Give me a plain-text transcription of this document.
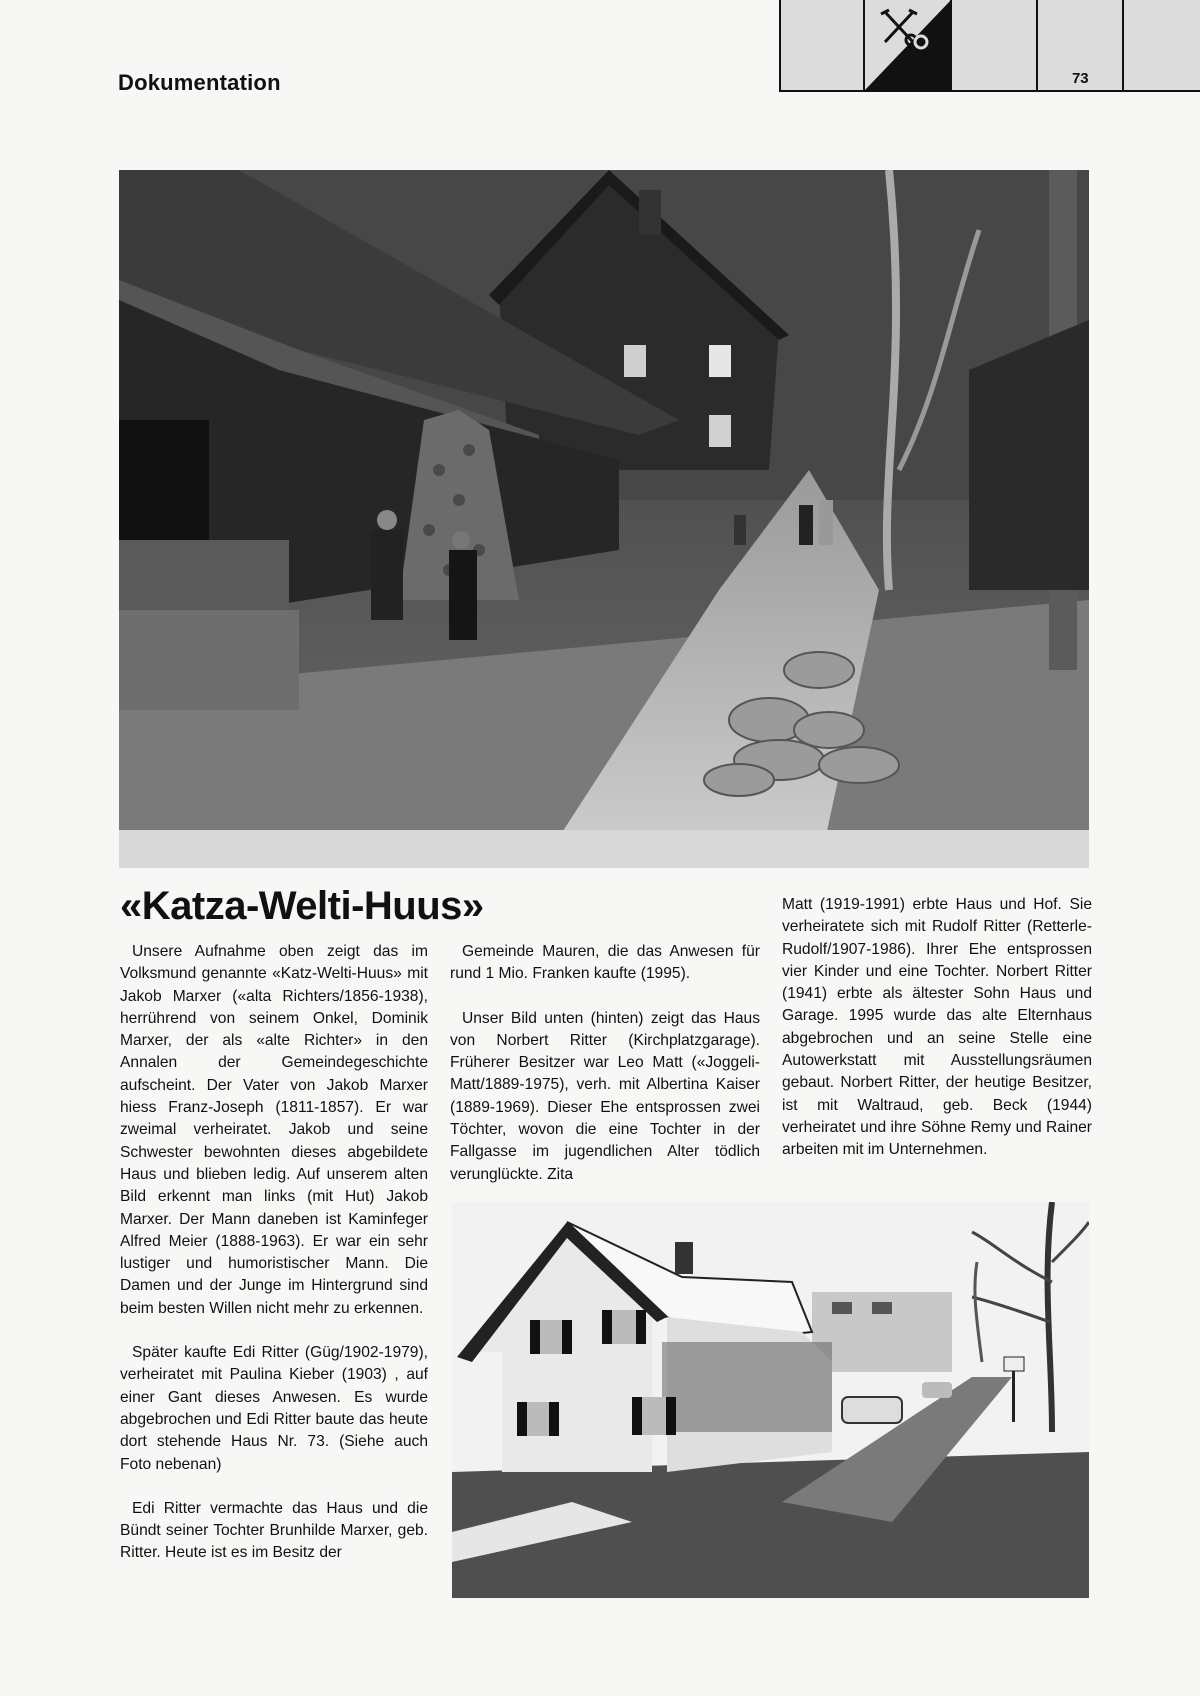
Dokumentation	73
«Katza-Welti-Huus»

Unsere Aufnahme oben zeigt das im Volksmund genannte «Katz-Welti-Huus» mit Jakob Marxer («alta Richters/1856-1938), herrührend von seinem Onkel, Dominik Marxer, der als «alte Richter» in den Annalen der Gemeindegeschichte aufscheint. Der Vater von Jakob Marxer hiess Franz-Joseph (1811-1857). Er war zweimal verheiratet. Jakob und seine Schwester bewohnten dieses abgebildete Haus und blieben ledig. Auf unserem alten Bild erkennt man links (mit Hut) Jakob Marxer. Der Mann daneben ist Kaminfeger Alfred Meier (1888-1963). Er war ein sehr lustiger und humoristischer Mann. Die Damen und der Junge im Hintergrund sind beim besten Willen nicht mehr zu erkennen.

Später kaufte Edi Ritter (Güg/1902-1979), verheiratet mit Paulina Kieber (1903) , auf einer Gant dieses Anwesen. Es wurde abgebrochen und Edi Ritter baute das heute dort stehende Haus Nr. 73. (Siehe auch Foto nebenan)

Edi Ritter vermachte das Haus und die Bündt seiner Tochter Brunhilde Marxer, geb. Ritter. Heute ist es im Besitz der

Gemeinde Mauren, die das Anwesen für rund 1 Mio. Franken kaufte (1995).

Unser Bild unten (hinten) zeigt das Haus von Norbert Ritter (Kirchplatzgarage). Früherer Besitzer war Leo Matt («Joggeli-Matt/1889-1975), verh. mit Albertina Kaiser (1889-1969). Dieser Ehe entsprossen zwei Töchter, wovon die eine Tochter in der Fallgasse im jugendlichen Alter tödlich verunglückte. Zita

Matt (1919-1991) erbte Haus und Hof. Sie verheiratete sich mit Rudolf Ritter (Retterle-Rudolf/1907-1986). Ihrer Ehe entsprossen vier Kinder und eine Tochter. Norbert Ritter (1941) erbte als ältester Sohn Haus und Garage. 1995 wurde das alte Elternhaus abgebrochen und an seine Stelle eine Autowerkstatt mit Ausstellungsräumen gebaut. Norbert Ritter, der heutige Besitzer, ist mit Waltraud, geb. Beck (1944) verheiratet und ihre Söhne Remy und Rainer arbeiten mit im Unternehmen.
